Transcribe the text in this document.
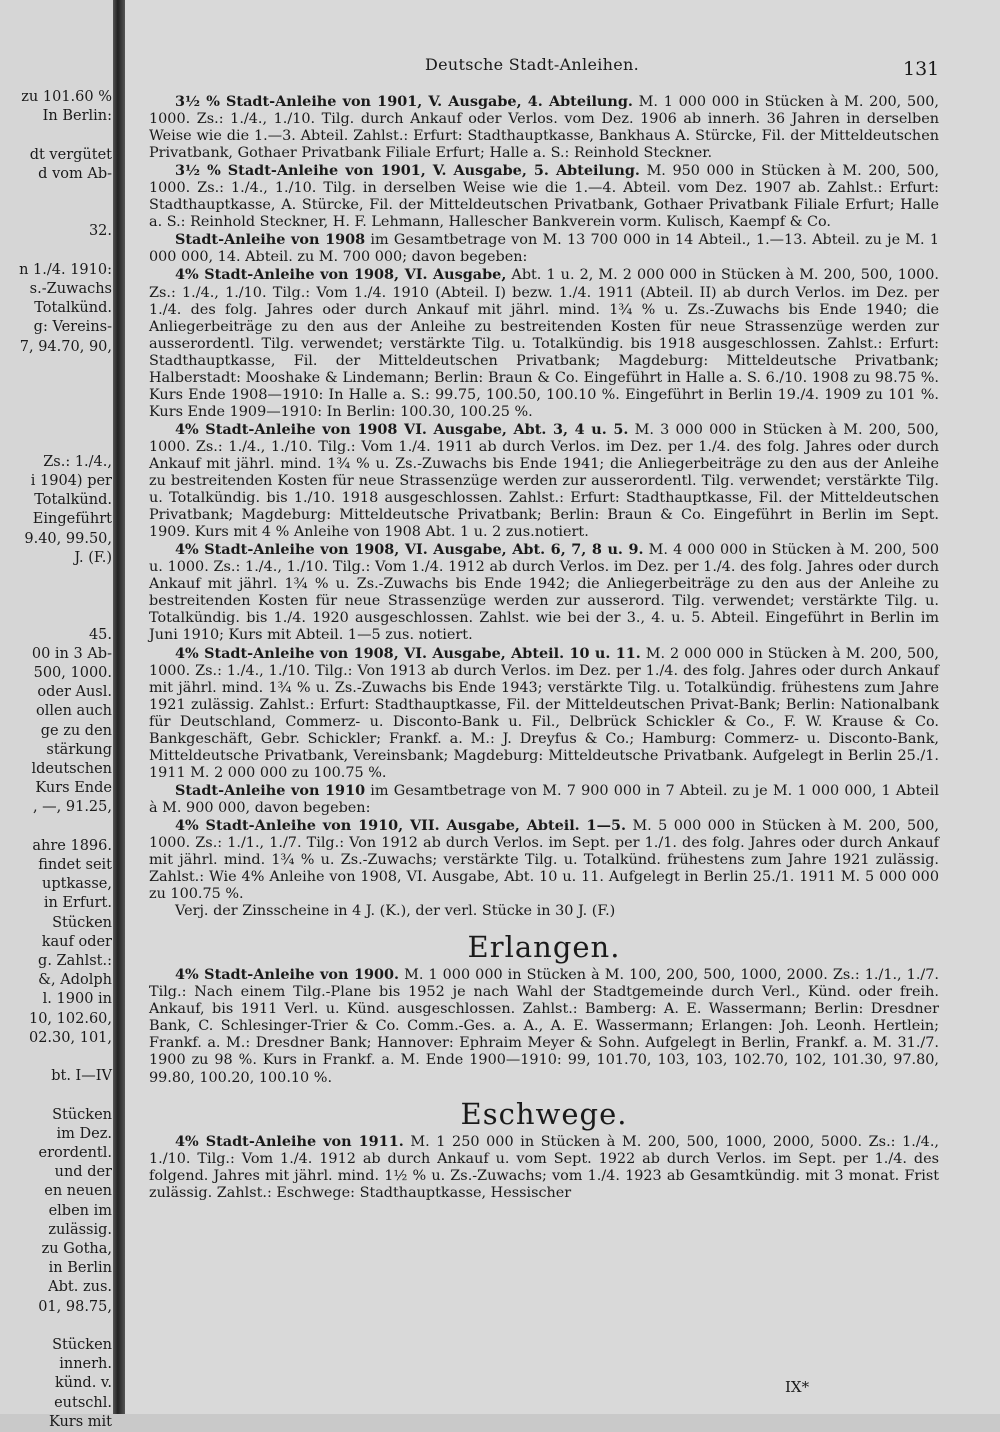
zu 101.60 %
In Berlin:
dt vergütet
d vom Ab-
32.
n 1./4. 1910:
s.-Zuwachs
Totalkünd.
g: Vereins-
7, 94.70, 90,
Zs.: 1./4.,
i 1904) per
Totalkünd.
Eingeführt
9.40, 99.50,
J. (F.)
45.
00 in 3 Ab-
500, 1000.
oder Ausl.
ollen auch
ge zu den
stärkung
ldeutschen
Kurs Ende
, —, 91.25,
ahre 1896.
findet seit
uptkasse,
in Erfurt.
Stücken
kauf oder
g. Zahlst.:
&, Adolph
l. 1900 in
10, 102.60,
02.30, 101,
bt. I—IV
Stücken
im Dez.
erordentl.
und der
en neuen
elben im
zulässig.
zu Gotha,
in Berlin
Abt. zus.
01, 98.75,
Stücken
innerh.
künd. v.
eutschl.
Kurs mit
Deutsche Stadt-Anleihen.	131

3½ % Stadt-Anleihe von 1901, V. Ausgabe, 4. Abteilung. M. 1 000 000 in Stücken à M. 200, 500, 1000. Zs.: 1./4., 1./10. Tilg. durch Ankauf oder Verlos. vom Dez. 1906 ab innerh. 36 Jahren in derselben Weise wie die 1.—3. Abteil. Zahlst.: Erfurt: Stadthauptkasse, Bankhaus A. Stürcke, Fil. der Mitteldeutschen Privatbank, Gothaer Privatbank Filiale Erfurt; Halle a. S.: Reinhold Steckner.

3½ % Stadt-Anleihe von 1901, V. Ausgabe, 5. Abteilung. M. 950 000 in Stücken à M. 200, 500, 1000. Zs.: 1./4., 1./10. Tilg. in derselben Weise wie die 1.—4. Abteil. vom Dez. 1907 ab. Zahlst.: Erfurt: Stadthauptkasse, A. Stürcke, Fil. der Mitteldeutschen Privatbank, Gothaer Privatbank Filiale Erfurt; Halle a. S.: Reinhold Steckner, H. F. Lehmann, Hallescher Bankverein vorm. Kulisch, Kaempf & Co.

Stadt-Anleihe von 1908 im Gesamtbetrage von M. 13 700 000 in 14 Abteil., 1.—13. Abteil. zu je M. 1 000 000, 14. Abteil. zu M. 700 000; davon begeben:

4% Stadt-Anleihe von 1908, VI. Ausgabe, Abt. 1 u. 2, M. 2 000 000 in Stücken à M. 200, 500, 1000. Zs.: 1./4., 1./10. Tilg.: Vom 1./4. 1910 (Abteil. I) bezw. 1./4. 1911 (Abteil. II) ab durch Verlos. im Dez. per 1./4. des folg. Jahres oder durch Ankauf mit jährl. mind. 1¾ % u. Zs.-Zuwachs bis Ende 1940; die Anliegerbeiträge zu den aus der Anleihe zu bestreitenden Kosten für neue Strassenzüge werden zur ausserordentl. Tilg. verwendet; verstärkte Tilg. u. Totalkündig. bis 1918 ausgeschlossen. Zahlst.: Erfurt: Stadthauptkasse, Fil. der Mitteldeutschen Privatbank; Magdeburg: Mitteldeutsche Privatbank; Halberstadt: Mooshake & Lindemann; Berlin: Braun & Co. Eingeführt in Halle a. S. 6./10. 1908 zu 98.75 %. Kurs Ende 1908—1910: In Halle a. S.: 99.75, 100.50, 100.10 %. Eingeführt in Berlin 19./4. 1909 zu 101 %. Kurs Ende 1909—1910: In Berlin: 100.30, 100.25 %.

4% Stadt-Anleihe von 1908 VI. Ausgabe, Abt. 3, 4 u. 5. M. 3 000 000 in Stücken à M. 200, 500, 1000. Zs.: 1./4., 1./10. Tilg.: Vom 1./4. 1911 ab durch Verlos. im Dez. per 1./4. des folg. Jahres oder durch Ankauf mit jährl. mind. 1¾ % u. Zs.-Zuwachs bis Ende 1941; die Anliegerbeiträge zu den aus der Anleihe zu bestreitenden Kosten für neue Strassenzüge werden zur ausserordentl. Tilg. verwendet; verstärkte Tilg. u. Totalkündig. bis 1./10. 1918 ausgeschlossen. Zahlst.: Erfurt: Stadthauptkasse, Fil. der Mitteldeutschen Privatbank; Magdeburg: Mitteldeutsche Privatbank; Berlin: Braun & Co. Eingeführt in Berlin im Sept. 1909. Kurs mit 4 % Anleihe von 1908 Abt. 1 u. 2 zus.notiert.

4% Stadt-Anleihe von 1908, VI. Ausgabe, Abt. 6, 7, 8 u. 9. M. 4 000 000 in Stücken à M. 200, 500 u. 1000. Zs.: 1./4., 1./10. Tilg.: Vom 1./4. 1912 ab durch Verlos. im Dez. per 1./4. des folg. Jahres oder durch Ankauf mit jährl. 1¾ % u. Zs.-Zuwachs bis Ende 1942; die Anliegerbeiträge zu den aus der Anleihe zu bestreitenden Kosten für neue Strassenzüge werden zur ausserord. Tilg. verwendet; verstärkte Tilg. u. Totalkündig. bis 1./4. 1920 ausgeschlossen. Zahlst. wie bei der 3., 4. u. 5. Abteil. Eingeführt in Berlin im Juni 1910; Kurs mit Abteil. 1—5 zus. notiert.

4% Stadt-Anleihe von 1908, VI. Ausgabe, Abteil. 10 u. 11. M. 2 000 000 in Stücken à M. 200, 500, 1000. Zs.: 1./4., 1./10. Tilg.: Von 1913 ab durch Verlos. im Dez. per 1./4. des folg. Jahres oder durch Ankauf mit jährl. mind. 1¾ % u. Zs.-Zuwachs bis Ende 1943; verstärkte Tilg. u. Totalkündig. frühestens zum Jahre 1921 zulässig. Zahlst.: Erfurt: Stadthauptkasse, Fil. der Mitteldeutschen Privat-Bank; Berlin: Nationalbank für Deutschland, Commerz- u. Disconto-Bank u. Fil., Delbrück Schickler & Co., F. W. Krause & Co. Bankgeschäft, Gebr. Schickler; Frankf. a. M.: J. Dreyfus & Co.; Hamburg: Commerz- u. Disconto-Bank, Mitteldeutsche Privatbank, Vereinsbank; Magdeburg: Mitteldeutsche Privatbank. Aufgelegt in Berlin 25./1. 1911 M. 2 000 000 zu 100.75 %.

Stadt-Anleihe von 1910 im Gesamtbetrage von M. 7 900 000 in 7 Abteil. zu je M. 1 000 000, 1 Abteil à M. 900 000, davon begeben:

4% Stadt-Anleihe von 1910, VII. Ausgabe, Abteil. 1—5. M. 5 000 000 in Stücken à M. 200, 500, 1000. Zs.: 1./1., 1./7. Tilg.: Von 1912 ab durch Verlos. im Sept. per 1./1. des folg. Jahres oder durch Ankauf mit jährl. mind. 1¾ % u. Zs.-Zuwachs; verstärkte Tilg. u. Totalkünd. frühestens zum Jahre 1921 zulässig. Zahlst.: Wie 4% Anleihe von 1908, VI. Ausgabe, Abt. 10 u. 11. Aufgelegt in Berlin 25./1. 1911 M. 5 000 000 zu 100.75 %.

Verj. der Zinsscheine in 4 J. (K.), der verl. Stücke in 30 J. (F.)

Erlangen.

4% Stadt-Anleihe von 1900. M. 1 000 000 in Stücken à M. 100, 200, 500, 1000, 2000. Zs.: 1./1., 1./7. Tilg.: Nach einem Tilg.-Plane bis 1952 je nach Wahl der Stadtgemeinde durch Verl., Künd. oder freih. Ankauf, bis 1911 Verl. u. Künd. ausgeschlossen. Zahlst.: Bamberg: A. E. Wassermann; Berlin: Dresdner Bank, C. Schlesinger-Trier & Co. Comm.-Ges. a. A., A. E. Wassermann; Erlangen: Joh. Leonh. Hertlein; Frankf. a. M.: Dresdner Bank; Hannover: Ephraim Meyer & Sohn. Aufgelegt in Berlin, Frankf. a. M. 31./7. 1900 zu 98 %. Kurs in Frankf. a. M. Ende 1900—1910: 99, 101.70, 103, 103, 102.70, 102, 101.30, 97.80, 99.80, 100.20, 100.10 %.

Eschwege.

4% Stadt-Anleihe von 1911. M. 1 250 000 in Stücken à M. 200, 500, 1000, 2000, 5000. Zs.: 1./4., 1./10. Tilg.: Vom 1./4. 1912 ab durch Ankauf u. vom Sept. 1922 ab durch Verlos. im Sept. per 1./4. des folgend. Jahres mit jährl. mind. 1½ % u. Zs.-Zuwachs; vom 1./4. 1923 ab Gesamtkündig. mit 3 monat. Frist zulässig. Zahlst.: Eschwege: Stadthauptkasse, Hessischer

IX*
